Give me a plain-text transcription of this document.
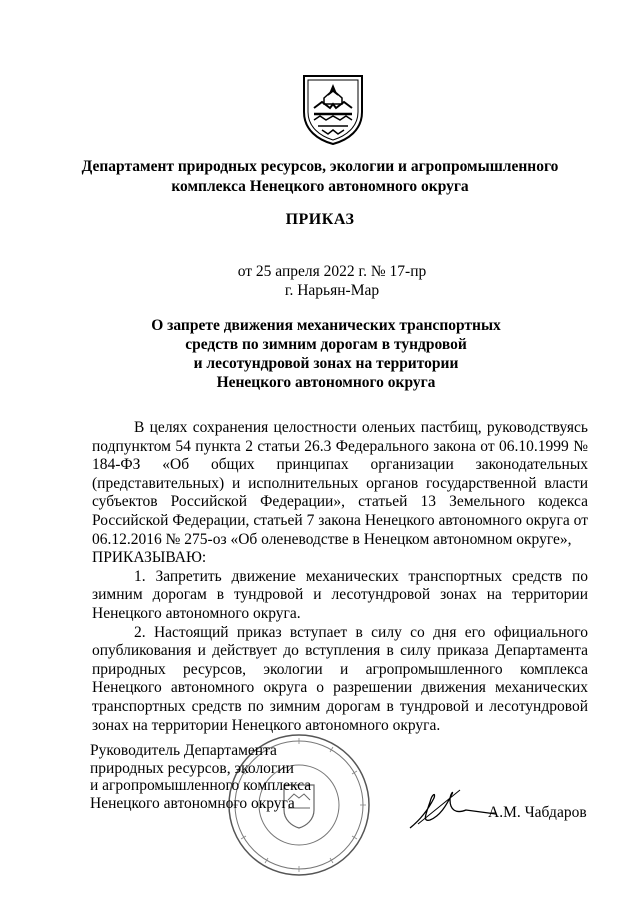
Департамент природных ресурсов, экологии и агропромышленного
комплекса Ненецкого автономного округа
ПРИКАЗ
от 25 апреля 2022 г. № 17-пр
г. Нарьян-Мар
О запрете движения механических транспортных
средств по зимним дорогам в тундровой
и лесотундровой зонах на территории
Ненецкого автономного округа

В целях сохранения целостности оленьих пастбищ, руководствуясь подпунктом 54 пункта 2 статьи 26.3 Федерального закона от 06.10.1999 № 184-ФЗ «Об общих принципах организации законодательных (представительных) и исполнительных органов государственной власти субъектов Российской Федерации», статьей 13 Земельного кодекса Российской Федерации, статьей 7 закона Ненецкого автономного округа от 06.12.2016 № 275-оз «Об оленеводстве в Ненецком автономном округе»,

ПРИКАЗЫВАЮ:

1. Запретить движение механических транспортных средств по зимним дорогам в тундровой и лесотундровой зонах на территории Ненецкого автономного округа.

2. Настоящий приказ вступает в силу со дня его официального опубликования и действует до вступления в силу приказа Департамента природных ресурсов, экологии и агропромышленного комплекса Ненецкого автономного округа о разрешении движения механических транспортных средств по зимним дорогам в тундровой и лесотундровой зонах на территории Ненецкого автономного округа.

Руководитель Департамента
природных ресурсов, экологии
и агропромышленного комплекса
Ненецкого автономного округа
А.М. Чабдаров
